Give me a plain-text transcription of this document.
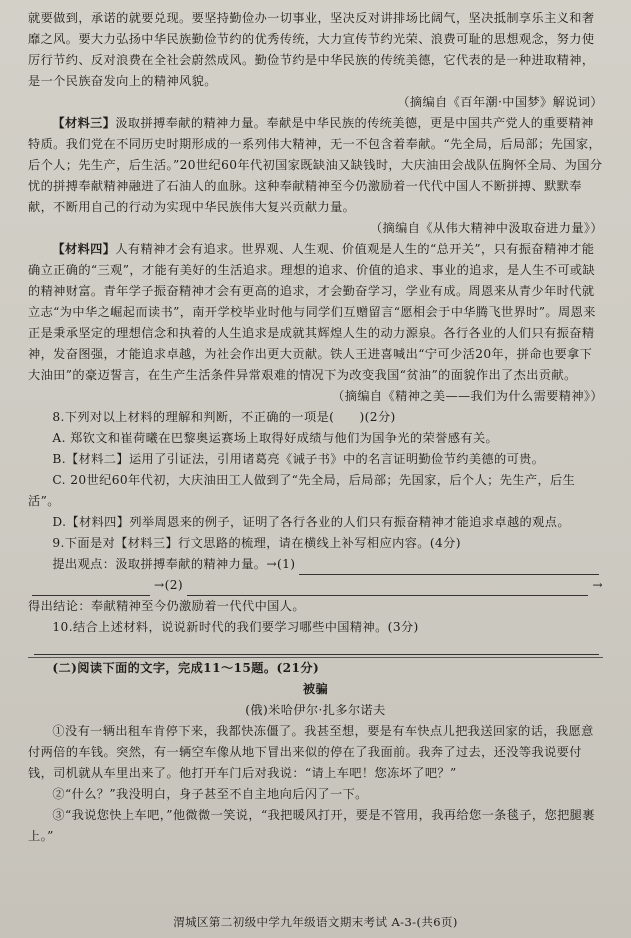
就要做到，承诺的就要兑现。要坚持勤俭办一切事业，坚决反对讲排场比阔气，坚决抵制享乐主义和奢靡之风。要大力弘扬中华民族勤俭节约的优秀传统，大力宣传节约光荣、浪费可耻的思想观念，努力使厉行节约、反对浪费在全社会蔚然成风。勤俭节约是中华民族的传统美德，它代表的是一种进取精神，是一个民族奋发向上的精神风貌。

（摘编自《百年潮·中国梦》解说词）

【材料三】汲取拼搏奉献的精神力量。奉献是中华民族的传统美德，更是中国共产党人的重要精神特质。我们党在不同历史时期形成的一系列伟大精神，无一不包含着奉献。“先全局，后局部；先国家，后个人；先生产，后生活。”20世纪60年代初国家既缺油又缺钱时，大庆油田会战队伍胸怀全局、为国分忧的拼搏奉献精神融进了石油人的血脉。这种奉献精神至今仍激励着一代代中国人不断拼搏、默默奉献，不断用自己的行动为实现中华民族伟大复兴贡献力量。

（摘编自《从伟大精神中汲取奋进力量》）

【材料四】人有精神才会有追求。世界观、人生观、价值观是人生的“总开关”，只有振奋精神才能确立正确的“三观”，才能有美好的生活追求。理想的追求、价值的追求、事业的追求，是人生不可或缺的精神财富。青年学子振奋精神才会有更高的追求，才会勤奋学习，学业有成。周恩来从青少年时代就立志“为中华之崛起而读书”，南开学校毕业时他与同学们互赠留言“愿相会于中华腾飞世界时”。周恩来正是秉承坚定的理想信念和执着的人生追求是成就其辉煌人生的动力源泉。各行各业的人们只有振奋精神，发奋图强，才能追求卓越，为社会作出更大贡献。铁人王进喜喊出“宁可少活20年，拼命也要拿下大油田”的豪迈誓言，在生产生活条件异常艰难的情况下为改变我国“贫油”的面貌作出了杰出贡献。

（摘编自《精神之美——我们为什么需要精神》）

8.下列对以上材料的理解和判断，不正确的一项是(　　)(2分)

A. 郑钦文和崔荷曦在巴黎奥运赛场上取得好成绩与他们为国争光的荣誉感有关。

B.【材料二】运用了引证法，引用诸葛亮《诫子书》中的名言证明勤俭节约美德的可贵。

C. 20世纪60年代初，大庆油田工人做到了“先全局，后局部；先国家，后个人；先生产，后生活”。

D.【材料四】列举周恩来的例子，证明了各行各业的人们只有振奋精神才能追求卓越的观点。

9.下面是对【材料三】行文思路的梳理，请在横线上补写相应内容。(4分)

提出观点：汲取拼搏奉献的精神力量。→(1)
→(2)	→

得出结论：奉献精神至今仍激励着一代代中国人。

10.结合上述材料，说说新时代的我们要学习哪些中国精神。(3分)

(二)阅读下面的文字，完成11～15题。(21分)

被骗

(俄)米哈伊尔·扎多尔诺夫

①没有一辆出租车肯停下来，我都快冻僵了。我甚至想，要是有车快点儿把我送回家的话，我愿意付两倍的车钱。突然，有一辆空车像从地下冒出来似的停在了我面前。我奔了过去，还没等我说要付钱，司机就从车里出来了。他打开车门后对我说：“请上车吧！您冻坏了吧？”

②“什么？”我没明白，身子甚至不自主地向后闪了一下。

③“我说您快上车吧，”他微微一笑说，“我把暖风打开，要是不管用，我再给您一条毯子，您把腿裹上。”

渭城区第二初级中学九年级语文期末考试 A-3-(共6页)
